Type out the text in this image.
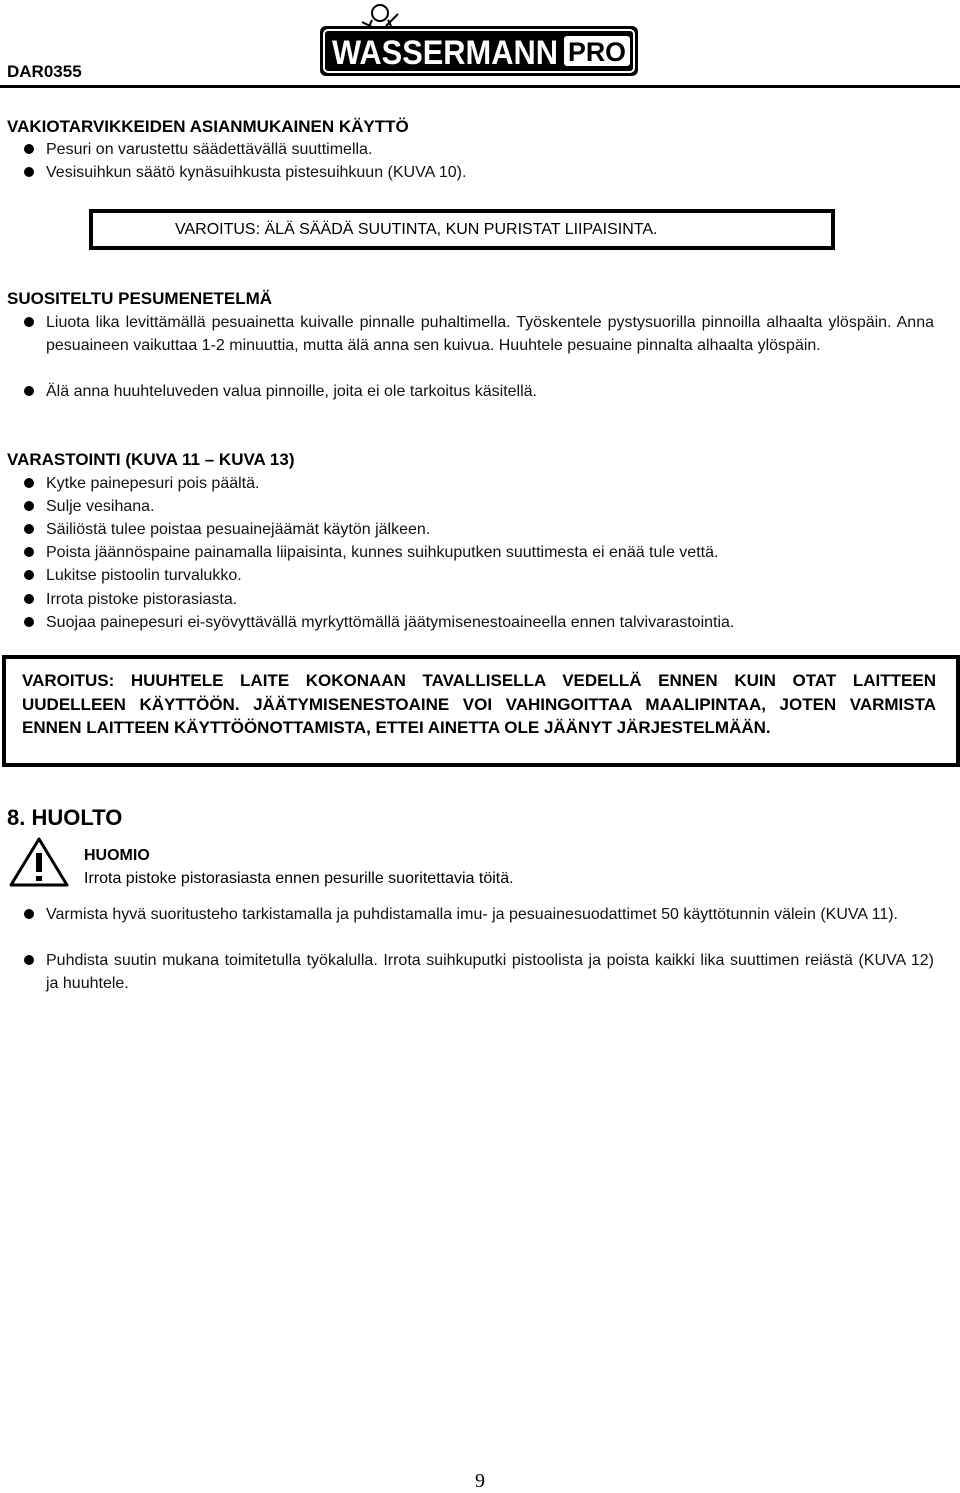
DAR0355	WASSERMANN PRO
VAKIOTARVIKKEIDEN ASIANMUKAINEN KÄYTTÖ
Pesuri on varustettu säädettävällä suuttimella.
Vesisuihkun säätö kynäsuihkusta pistesuihkuun (KUVA 10).
VAROITUS: ÄLÄ SÄÄDÄ SUUTINTA, KUN PURISTAT LIIPAISINTA.
SUOSITELTU PESUMENETELMÄ
Liuota lika levittämällä pesuainetta kuivalle pinnalle puhaltimella. Työskentele pystysuorilla pinnoilla alhaalta ylöspäin. Anna pesuaineen vaikuttaa 1-2 minuuttia, mutta älä anna sen kuivua. Huuhtele pesuaine pinnalta alhaalta ylöspäin.
Älä anna huuhteluveden valua pinnoille, joita ei ole tarkoitus käsitellä.
VARASTOINTI (KUVA 11 – KUVA 13)
Kytke painepesuri pois päältä.
Sulje vesihana.
Säiliöstä tulee poistaa pesuainejäämät käytön jälkeen.
Poista jäännöspaine painamalla liipaisinta, kunnes suihkuputken suuttimesta ei enää tule vettä.
Lukitse pistoolin turvalukko.
Irrota pistoke pistorasiasta.
Suojaa painepesuri ei-syövyttävällä myrkyttömällä jäätymisenestoaineella ennen talvivarastointia.
VAROITUS: HUUHTELE LAITE KOKONAAN TAVALLISELLA VEDELLÄ ENNEN KUIN OTAT LAITTEEN UUDELLEEN KÄYTTÖÖN. JÄÄTYMISENESTOAINE VOI VAHINGOITTAA MAALIPINTAA, JOTEN VARMISTA ENNEN LAITTEEN KÄYTTÖÖNOTTAMISTA, ETTEI AINETTA OLE JÄÄNYT JÄRJESTELMÄÄN.
8. HUOLTO
HUOMIO
Irrota pistoke pistorasiasta ennen pesurille suoritettavia töitä.
Varmista hyvä suoritusteho tarkistamalla ja puhdistamalla imu- ja pesuainesuodattimet 50 käyttötunnin välein (KUVA 11).
Puhdista suutin mukana toimitetulla työkalulla. Irrota suihkuputki pistoolista ja poista kaikki lika suuttimen reiästä (KUVA 12) ja huuhtele.
9
